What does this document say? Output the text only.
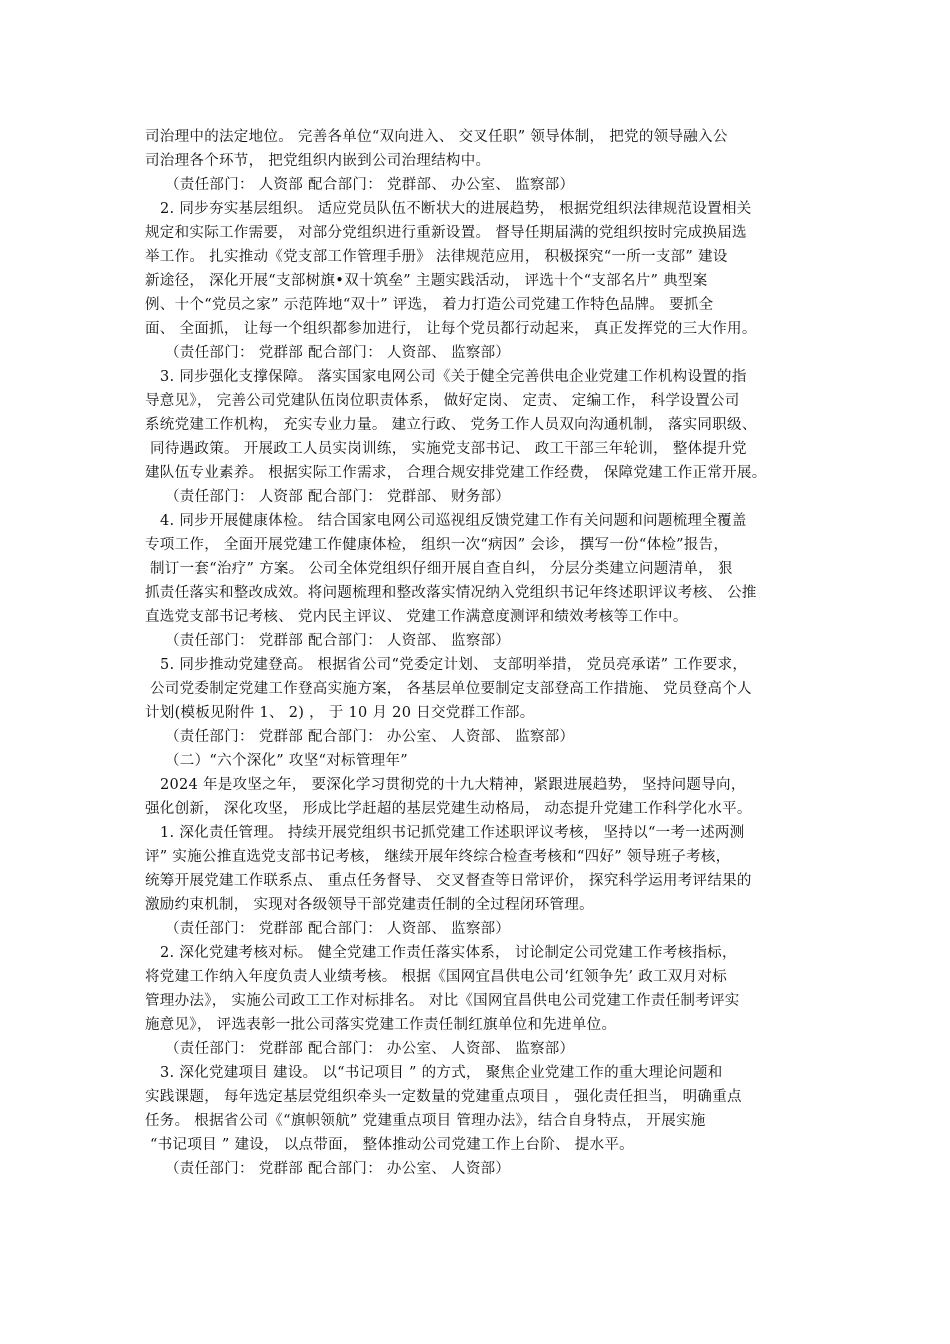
司治理中的法定地位。 完善各单位“双向进入、 交叉任职” 领导体制， 把党的领导融入公
司治理各个环节， 把党组织内嵌到公司治理结构中。
（责任部门： 人资部 配合部门： 党群部、 办公室、 监察部）
2. 同步夯实基层组织。 适应党员队伍不断状大的进展趋势， 根据党组织法律规范设置相关
规定和实际工作需要， 对部分党组织进行重新设置。 督导任期届满的党组织按时完成换届选
举工作。 扎实推动《党支部工作管理手册》 法律规范应用， 积极探究“一所一支部” 建设
新途径， 深化开展“支部树旗•双十筑垒” 主题实践活动， 评选十个“支部名片” 典型案
例、十个“党员之家” 示范阵地“双十” 评选， 着力打造公司党建工作特色品牌。 要抓全
面、 全面抓， 让每一个组织都参加进行， 让每个党员都行动起来， 真正发挥党的三大作用。
（责任部门： 党群部 配合部门： 人资部、 监察部）
3. 同步强化支撑保障。 落实国家电网公司《关于健全完善供电企业党建工作机构设置的指
导意见》， 完善公司党建队伍岗位职责体系， 做好定岗、 定责、 定编工作， 科学设置公司
系统党建工作机构， 充实专业力量。 建立行政、 党务工作人员双向沟通机制， 落实同职级、
同待遇政策。 开展政工人员实岗训练， 实施党支部书记、 政工干部三年轮训， 整体提升党
建队伍专业素养。 根据实际工作需求， 合理合规安排党建工作经费， 保障党建工作正常开展。
（责任部门： 人资部 配合部门： 党群部、 财务部）
4. 同步开展健康体检。 结合国家电网公司巡视组反馈党建工作有关问题和问题梳理全覆盖
专项工作， 全面开展党建工作健康体检， 组织一次“病因” 会诊， 撰写一份“体检”报告，
制订一套“治疗” 方案。 公司全体党组织仔细开展自查自纠， 分层分类建立问题清单， 狠
抓责任落实和整改成效。将问题梳理和整改落实情况纳入党组织书记年终述职评议考核、 公推
直选党支部书记考核、 党内民主评议、 党建工作满意度测评和绩效考核等工作中。
（责任部门： 党群部 配合部门： 人资部、 监察部）
5. 同步推动党建登高。 根据省公司“党委定计划、 支部明举措， 党员亮承诺” 工作要求，
公司党委制定党建工作登高实施方案， 各基层单位要制定支部登高工作措施、 党员登高个人
计划(模板见附件 1、 2) ， 于 10 月 20 日交党群工作部。
（责任部门： 党群部 配合部门： 办公室、 人资部、 监察部）
（二）“六个深化” 攻坚“对标管理年”
2024 年是攻坚之年， 要深化学习贯彻党的十九大精神，紧跟进展趋势， 坚持问题导向，
强化创新， 深化攻坚， 形成比学赶超的基层党建生动格局， 动态提升党建工作科学化水平。
1. 深化责任管理。 持续开展党组织书记抓党建工作述职评议考核， 坚持以“一考一述两测
评” 实施公推直选党支部书记考核， 继续开展年终综合检查考核和“四好” 领导班子考核，
统筹开展党建工作联系点、 重点任务督导、 交叉督查等日常评价， 探究科学运用考评结果的
激励约束机制， 实现对各级领导干部党建责任制的全过程闭环管理。
（责任部门： 党群部 配合部门： 人资部、 监察部）
2. 深化党建考核对标。 健全党建工作责任落实体系， 讨论制定公司党建工作考核指标，
将党建工作纳入年度负责人业绩考核。 根据《国网宜昌供电公司‘红领争先’ 政工双月对标
管理办法》， 实施公司政工工作对标排名。 对比《国网宜昌供电公司党建工作责任制考评实
施意见》， 评选表彰一批公司落实党建工作责任制红旗单位和先进单位。
（责任部门： 党群部 配合部门： 办公室、 人资部、 监察部）
3. 深化党建项目 建设。 以“书记项目 ” 的方式， 聚焦企业党建工作的重大理论问题和
实践课题， 每年选定基层党组织牵头一定数量的党建重点项目 ， 强化责任担当， 明确重点
任务。 根据省公司《“旗帜领航” 党建重点项目 管理办法》，结合自身特点， 开展实施
“书记项目 ” 建设， 以点带面， 整体推动公司党建工作上台阶、 提水平。
（责任部门： 党群部 配合部门： 办公室、 人资部）
